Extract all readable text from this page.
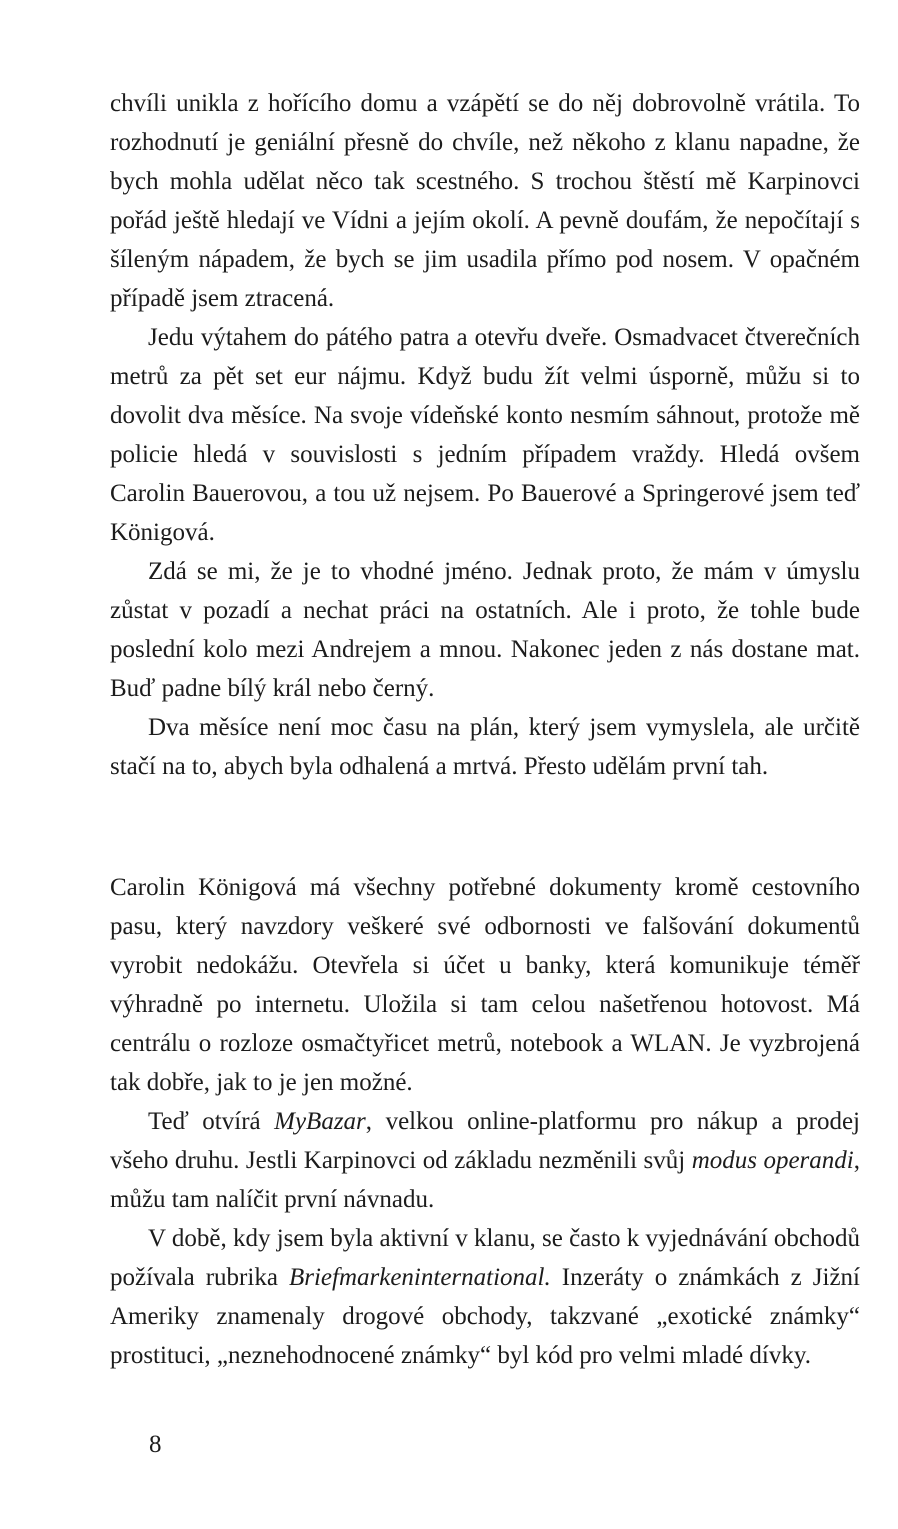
chvíli unikla z hořícího domu a vzápětí se do něj dobrovolně vrátila. To rozhodnutí je geniální přesně do chvíle, než někoho z klanu napadne, že bych mohla udělat něco tak scestného. S trochou štěstí mě Karpinovci pořád ještě hledají ve Vídni a jejím okolí. A pevně doufám, že nepočítají s šíleným nápadem, že bych se jim usadila přímo pod nosem. V opačném případě jsem ztracená.

Jedu výtahem do pátého patra a otevřu dveře. Osmadvacet čtverečních metrů za pět set eur nájmu. Když budu žít velmi úsporně, můžu si to dovolit dva měsíce. Na svoje vídeňské konto nesmím sáhnout, protože mě policie hledá v souvislosti s jedním případem vraždy. Hledá ovšem Carolin Bauerovou, a tou už nejsem. Po Bauerové a Springerové jsem teď Königová.

Zdá se mi, že je to vhodné jméno. Jednak proto, že mám v úmyslu zůstat v pozadí a nechat práci na ostatních. Ale i proto, že tohle bude poslední kolo mezi Andrejem a mnou. Nakonec jeden z nás dostane mat. Buď padne bílý král nebo černý.

Dva měsíce není moc času na plán, který jsem vymyslela, ale určitě stačí na to, abych byla odhalená a mrtvá. Přesto udělám první tah.

Carolin Königová má všechny potřebné dokumenty kromě cestovního pasu, který navzdory veškeré své odbornosti ve falšování dokumentů vyrobit nedokážu. Otevřela si účet u banky, která komunikuje téměř výhradně po internetu. Uložila si tam celou našetřenou hotovost. Má centrálu o rozloze osmačtyřicet metrů, notebook a WLAN. Je vyzbrojená tak dobře, jak to je jen možné.

Teď otvírá MyBazar, velkou online-platformu pro nákup a prodej všeho druhu. Jestli Karpinovci od základu nezměnili svůj modus operandi, můžu tam nalíčit první návnadu.

V době, kdy jsem byla aktivní v klanu, se často k vyjednávání obchodů požívala rubrika Briefmarkeninternational. Inzeráty o známkách z Jižní Ameriky znamenaly drogové obchody, takzvané „exotické známky“ prostituci, „neznehodnocené známky“ byl kód pro velmi mladé dívky.

8
